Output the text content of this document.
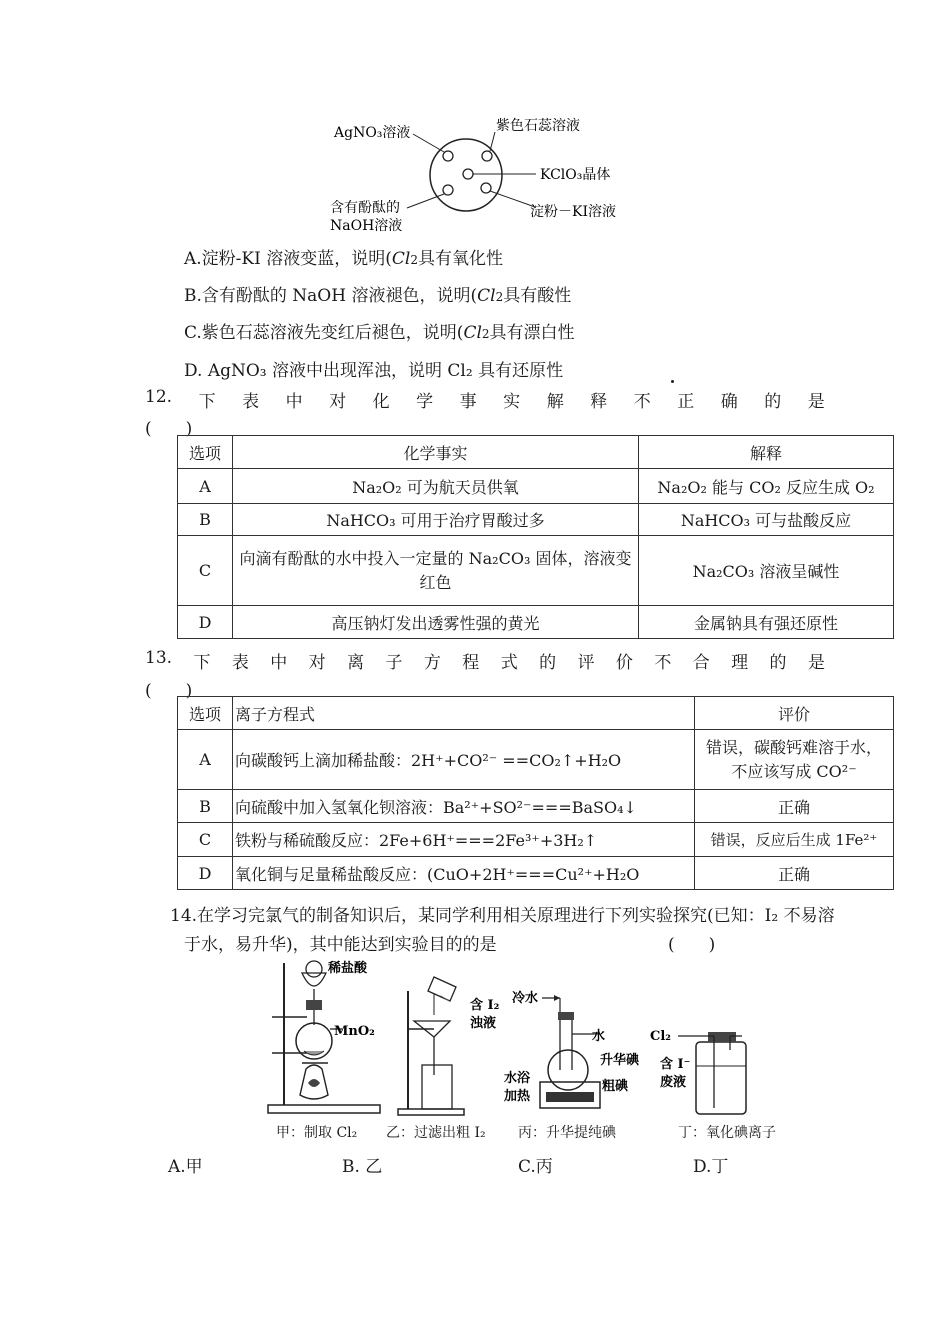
AgNO₃溶液	紫色石蕊溶液
KClO₃晶体
含有酚酞的
NaOH溶液
淀粉－KI溶液
A.淀粉-KI 溶液变蓝，说明(Cl2具有氧化性
B.含有酚酞的 NaOH 溶液褪色，说明(Cl2具有酸性
C.紫色石蕊溶液先变红后褪色，说明(Cl2具有漂白性
D. AgNO₃ 溶液中出现浑浊，说明 Cl₂ 具有还原性
12. 下 表 中 对 化 学 事 实 解 释 不 正 确 的 是
(　　)
选项	化学事实	解释
A	Na₂O₂ 可为航天员供氧	Na₂O₂ 能与 CO₂ 反应生成 O₂
B	NaHCO₃ 可用于治疗胃酸过多	NaHCO₃ 可与盐酸反应
C	向滴有酚酞的水中投入一定量的 Na₂CO₃ 固体，溶液变红色	Na₂CO₃ 溶液呈碱性
D	高压钠灯发出透雾性强的黄光	金属钠具有强还原性
13. 下 表 中 对 离 子 方 程 式 的 评 价 不 合 理 的 是
(　　)
选项	离子方程式	评价
A	向碳酸钙上滴加稀盐酸：2H⁺+CO²⁻ ==CO₂↑+H₂O	错误，碳酸钙难溶于水，不应该写成 CO²⁻
B	向硫酸中加入氢氧化钡溶液：Ba²⁺+SO²⁻===BaSO₄↓	正确
C	铁粉与稀硫酸反应：2Fe+6H⁺===2Fe³⁺+3H₂↑	错误，反应后生成 1Fe²⁺
D	氧化铜与足量稀盐酸反应：(CuO+2H⁺===Cu²⁺+H₂O	正确
14.在学习完氯气的制备知识后，某同学利用相关原理进行下列实验探究(已知：I₂ 不易溶
于水，易升华)，其中能达到实验目的的是	(　　)
稀盐酸
MnO₂
甲：制取 Cl₂
含 I₂
浊液
乙：过滤出粗 I₂
冷水
水
升华碘
水浴
加热
粗碘
丙：升华提纯碘
Cl₂
含 I⁻
废液
丁：氧化碘离子
A.甲	B. 乙	C.丙	D.丁
